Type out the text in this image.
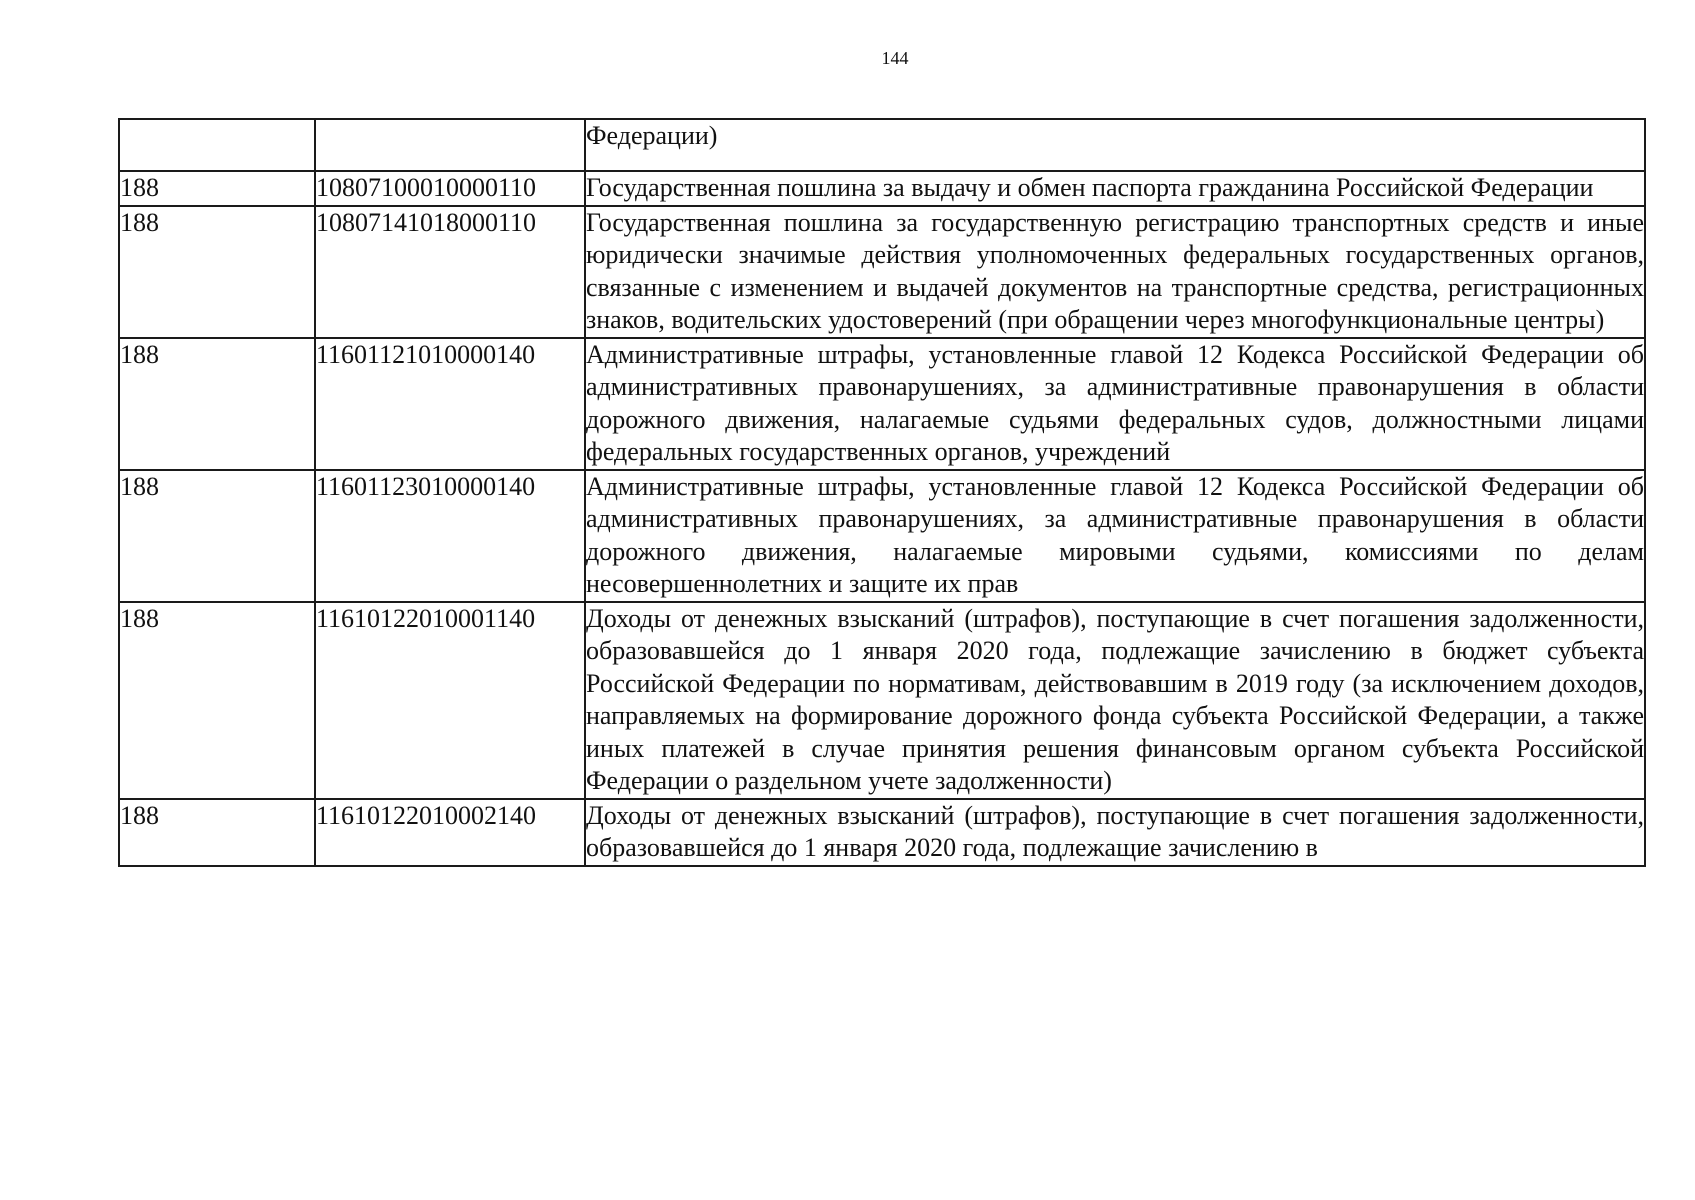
144
		Федерации)
188	10807100010000110	Государственная пошлина за выдачу и обмен паспорта гражданина Российской Федерации
188	10807141018000110	Государственная пошлина за государственную регистрацию транспортных средств и иные юридически значимые действия уполномоченных федеральных государственных органов, связанные с изменением и выдачей документов на транспортные средства, регистрационных знаков, водительских удостоверений (при обращении через многофункциональные центры)
188	11601121010000140	Административные штрафы, установленные главой 12 Кодекса Российской Федерации об административных правонарушениях, за административные правонарушения в области дорожного движения, налагаемые судьями федеральных судов, должностными лицами федеральных государственных органов, учреждений
188	11601123010000140	Административные штрафы, установленные главой 12 Кодекса Российской Федерации об административных правонарушениях, за административные правонарушения в области дорожного движения, налагаемые мировыми судьями, комиссиями по делам несовершеннолетних и защите их прав
188	11610122010001140	Доходы от денежных взысканий (штрафов), поступающие в счет погашения задолженности, образовавшейся до 1 января 2020 года, подлежащие зачислению в бюджет субъекта Российской Федерации по нормативам, действовавшим в 2019 году (за исключением доходов, направляемых на формирование дорожного фонда субъекта Российской Федерации, а также иных платежей в случае принятия решения финансовым органом субъекта Российской Федерации о раздельном учете задолженности)
188	11610122010002140	Доходы от денежных взысканий (штрафов), поступающие в счет погашения задолженности, образовавшейся до 1 января 2020 года, подлежащие зачислению в
